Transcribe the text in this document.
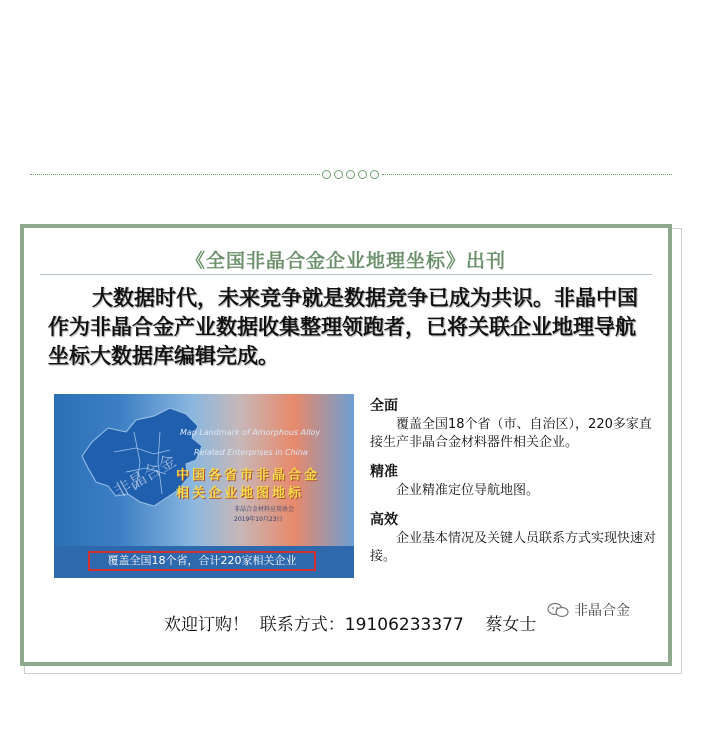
《全国非晶合金企业地理坐标》出刊

大数据时代，未来竞争就是数据竞争已成为共识。非晶中国作为非晶合金产业数据收集整理领跑者，已将关联企业地理导航坐标大数据库编辑完成。

非晶合金
Map Landmark of Amorphous Alloy
Related Enterprises in China
中国各省市非晶合金
相关企业地图地标
非晶合金材料应用协会
2019年10月23日
覆盖全国18个省，合计220家相关企业

全面

覆盖全国18个省（市、自治区），220多家直接生产非晶合金材料器件相关企业。

精准

企业精准定位导航地图。

高效

企业基本情况及关键人员联系方式实现快速对接。

欢迎订购！  联系方式：19106233377    蔡女士
非晶合金
